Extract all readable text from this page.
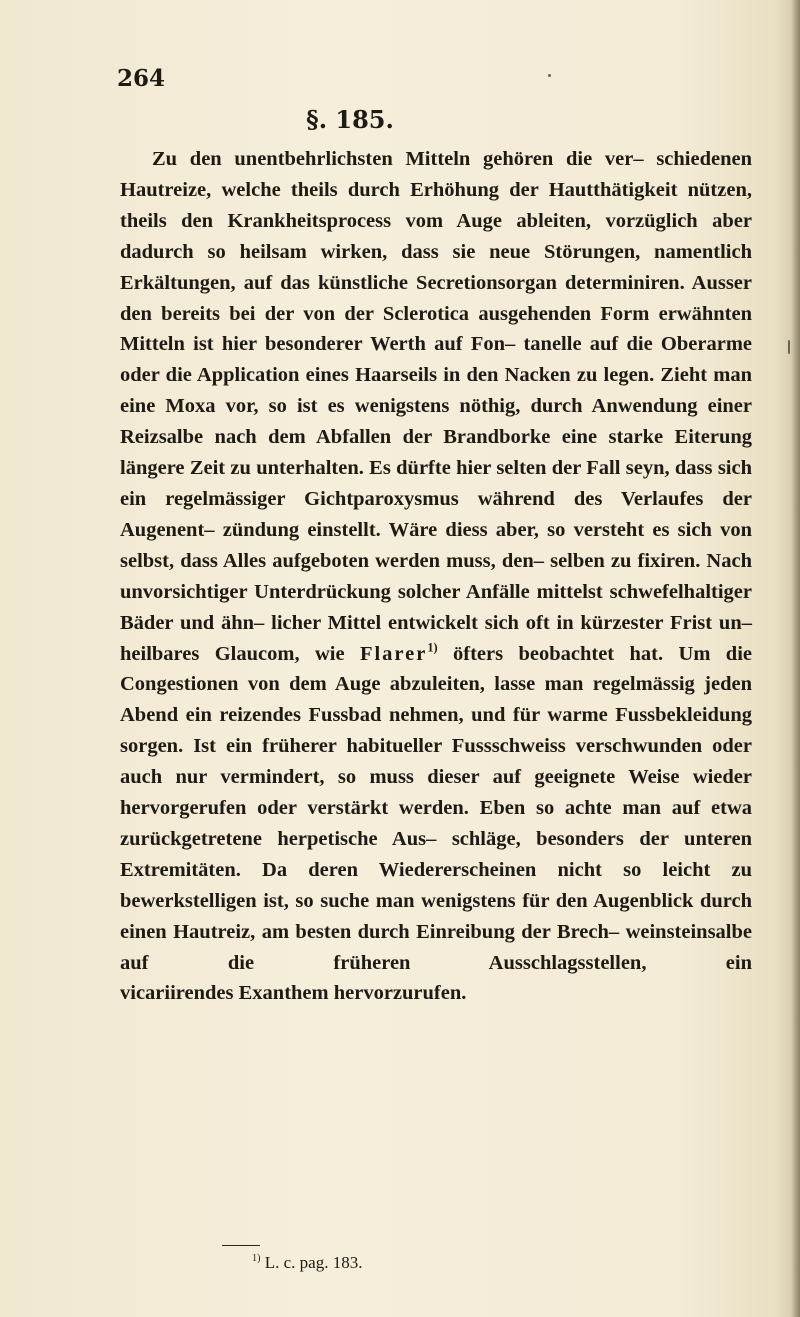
264
§. 185.

Zu den unentbehrlichsten Mitteln gehören die ver– schiedenen Hautreize, welche theils durch Erhöhung der Hautthätigkeit nützen, theils den Krankheitsprocess vom Auge ableiten, vorzüglich aber dadurch so heilsam wirken, dass sie neue Störungen, namentlich Erkältungen, auf das künstliche Secretionsorgan determiniren. Ausser den bereits bei der von der Sclerotica ausgehenden Form erwähnten Mitteln ist hier besonderer Werth auf Fon– tanelle auf die Oberarme oder die Application eines Haarseils in den Nacken zu legen. Zieht man eine Moxa vor, so ist es wenigstens nöthig, durch Anwendung einer Reizsalbe nach dem Abfallen der Brandborke eine starke Eiterung längere Zeit zu unterhalten. Es dürfte hier selten der Fall seyn, dass sich ein regelmässiger Gichtparoxysmus während des Verlaufes der Augenent– zündung einstellt. Wäre diess aber, so versteht es sich von selbst, dass Alles aufgeboten werden muss, den– selben zu fixiren. Nach unvorsichtiger Unterdrückung solcher Anfälle mittelst schwefelhaltiger Bäder und ähn– licher Mittel entwickelt sich oft in kürzester Frist un– heilbares Glaucom, wie Flarer$^{1)}$ öfters beobachtet hat. Um die Congestionen von dem Auge abzuleiten, lasse man regelmässig jeden Abend ein reizendes Fussbad nehmen, und für warme Fussbekleidung sorgen. Ist ein früherer habitueller Fussschweiss verschwunden oder auch nur vermindert, so muss dieser auf geeignete Weise wieder hervorgerufen oder verstärkt werden. Eben so achte man auf etwa zurückgetretene herpetische Aus– schläge, besonders der unteren Extremitäten. Da deren Wiedererscheinen nicht so leicht zu bewerkstelligen ist, so suche man wenigstens für den Augenblick durch einen Hautreiz, am besten durch Einreibung der Brech– weinsteinsalbe auf die früheren Ausschlagsstellen, ein
vicariirendes Exanthem hervorzurufen.

$^{1)}$ L. c. pag. 183.
